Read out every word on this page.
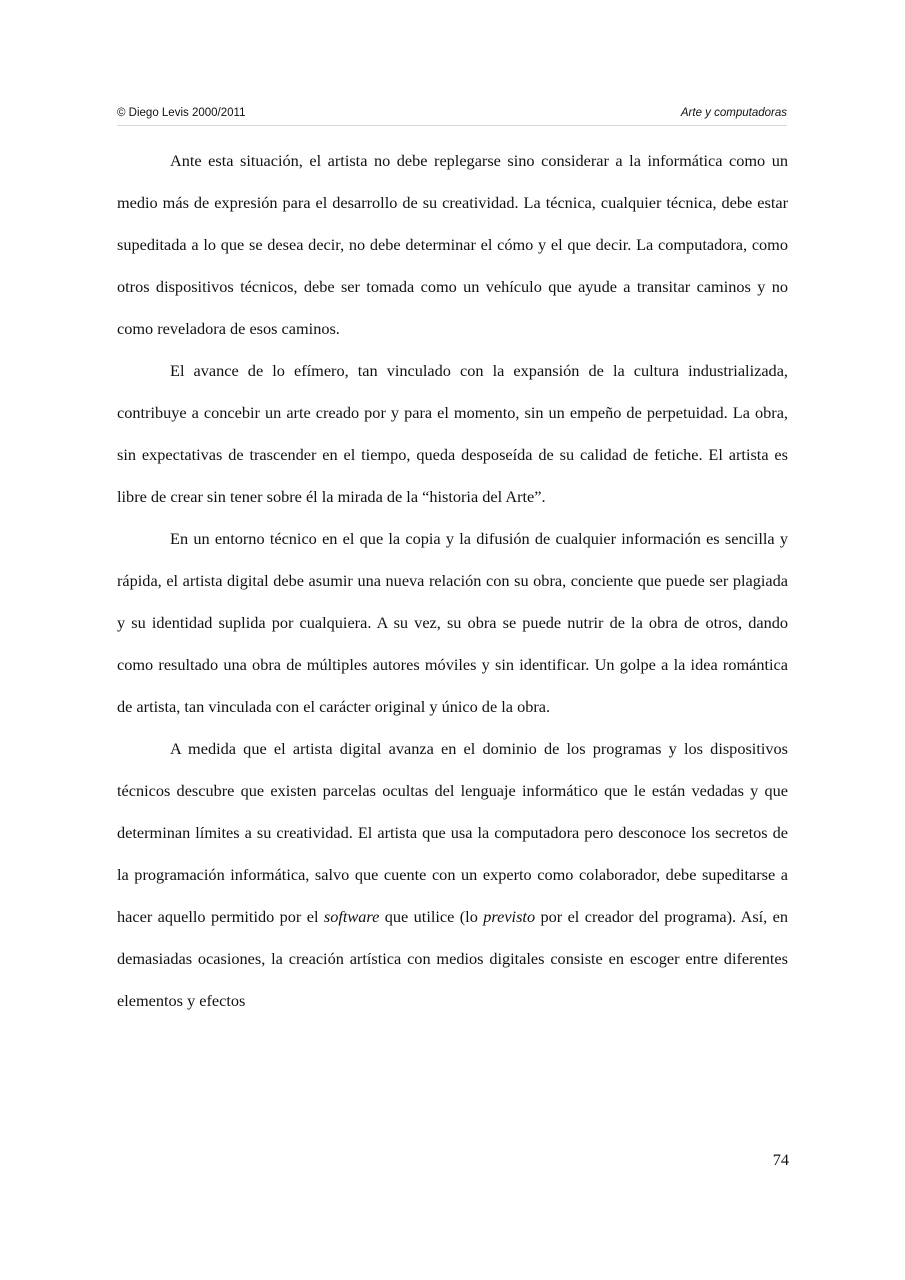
© Diego Levis 2000/2011	Arte y computadoras

Ante esta situación, el artista no debe replegarse sino considerar a la informática como un medio más de expresión para el desarrollo de su creatividad. La técnica, cualquier técnica, debe estar supeditada a lo que se desea decir, no debe determinar el cómo y el que decir. La computadora, como otros dispositivos técnicos, debe ser tomada como un vehículo que ayude a transitar caminos y no como reveladora de esos caminos.

El avance de lo efímero, tan vinculado con la expansión de la cultura industrializada, contribuye a concebir un arte creado por y para el momento, sin un empeño de perpetuidad. La obra, sin expectativas de trascender en el tiempo, queda desposeída de su calidad de fetiche. El artista es libre de crear sin tener sobre él la mirada de la “historia del Arte”.

En un entorno técnico en el que la copia y la difusión de cualquier información es sencilla y rápida, el artista digital debe asumir una nueva relación con su obra, conciente que puede ser plagiada y su identidad suplida por cualquiera. A su vez, su obra se puede nutrir de la obra de otros, dando como resultado una obra de múltiples autores móviles y sin identificar. Un golpe a la idea romántica de artista, tan vinculada con el carácter original y único de la obra.

A medida que el artista digital avanza en el dominio de los programas y los dispositivos técnicos descubre que existen parcelas ocultas del lenguaje informático que le están vedadas y que determinan límites a su creatividad. El artista que usa la computadora pero desconoce los secretos de la programación informática, salvo que cuente con un experto como colaborador, debe supeditarse a hacer aquello permitido por el software que utilice (lo previsto por el creador del programa). Así, en demasiadas ocasiones, la creación artística con medios digitales consiste en escoger entre diferentes elementos y efectos

74
